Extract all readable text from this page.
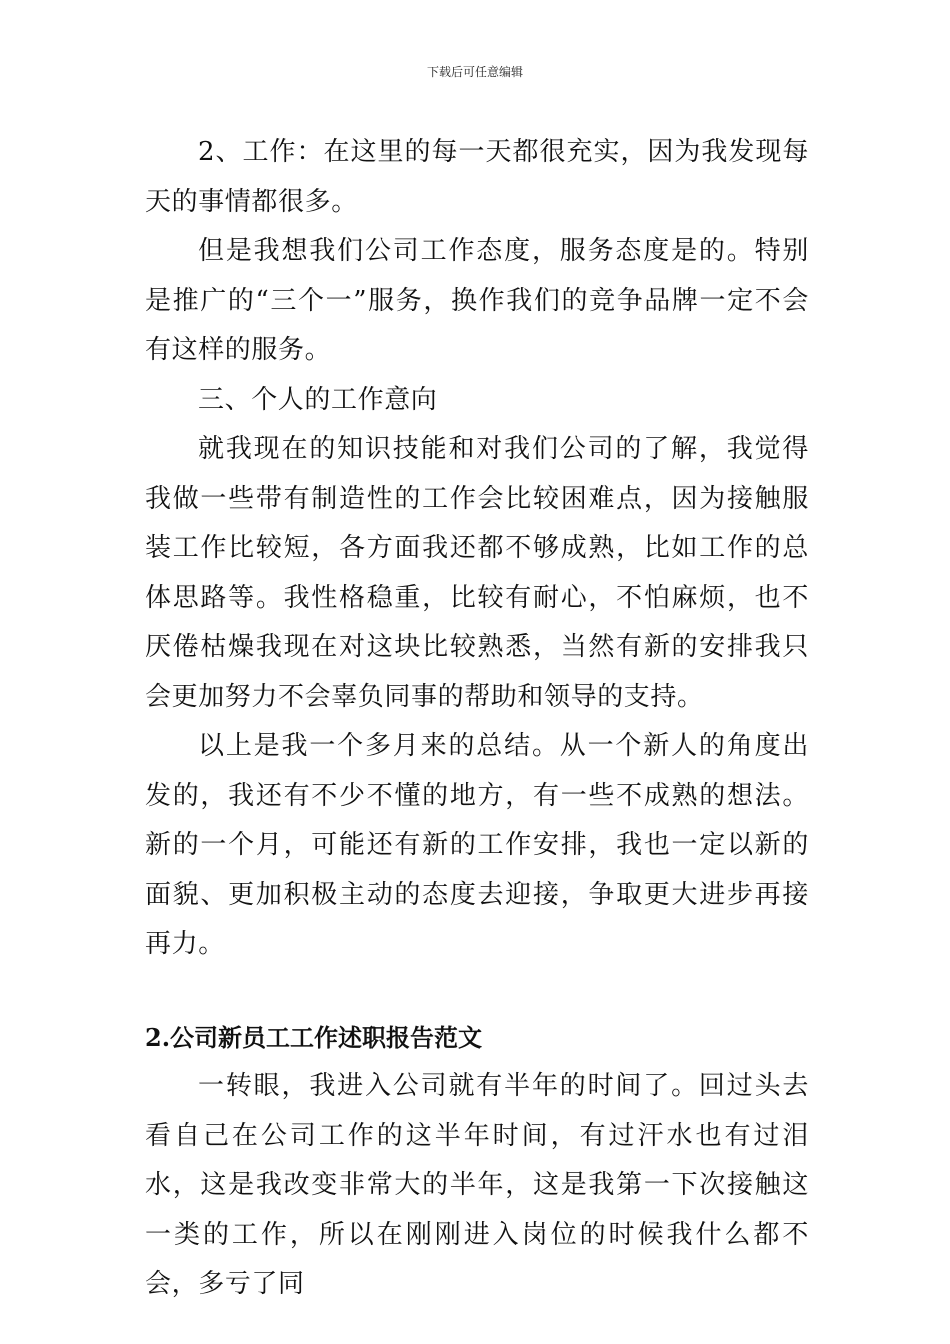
下载后可任意编辑

2、工作：在这里的每一天都很充实，因为我发现每天的事情都很多。

但是我想我们公司工作态度，服务态度是的。特别是推广的“三个一”服务，换作我们的竞争品牌一定不会有这样的服务。

三、个人的工作意向

就我现在的知识技能和对我们公司的了解，我觉得我做一些带有制造性的工作会比较困难点，因为接触服装工作比较短，各方面我还都不够成熟，比如工作的总体思路等。我性格稳重，比较有耐心，不怕麻烦，也不厌倦枯燥我现在对这块比较熟悉，当然有新的安排我只会更加努力不会辜负同事的帮助和领导的支持。

以上是我一个多月来的总结。从一个新人的角度出发的，我还有不少不懂的地方，有一些不成熟的想法。新的一个月，可能还有新的工作安排，我也一定以新的面貌、更加积极主动的态度去迎接，争取更大进步再接再力。

2.公司新员工工作述职报告范文

一转眼，我进入公司就有半年的时间了。回过头去看自己在公司工作的这半年时间，有过汗水也有过泪水，这是我改变非常大的半年，这是我第一下次接触这一类的工作，所以在刚刚进入岗位的时候我什么都不会，多亏了同
